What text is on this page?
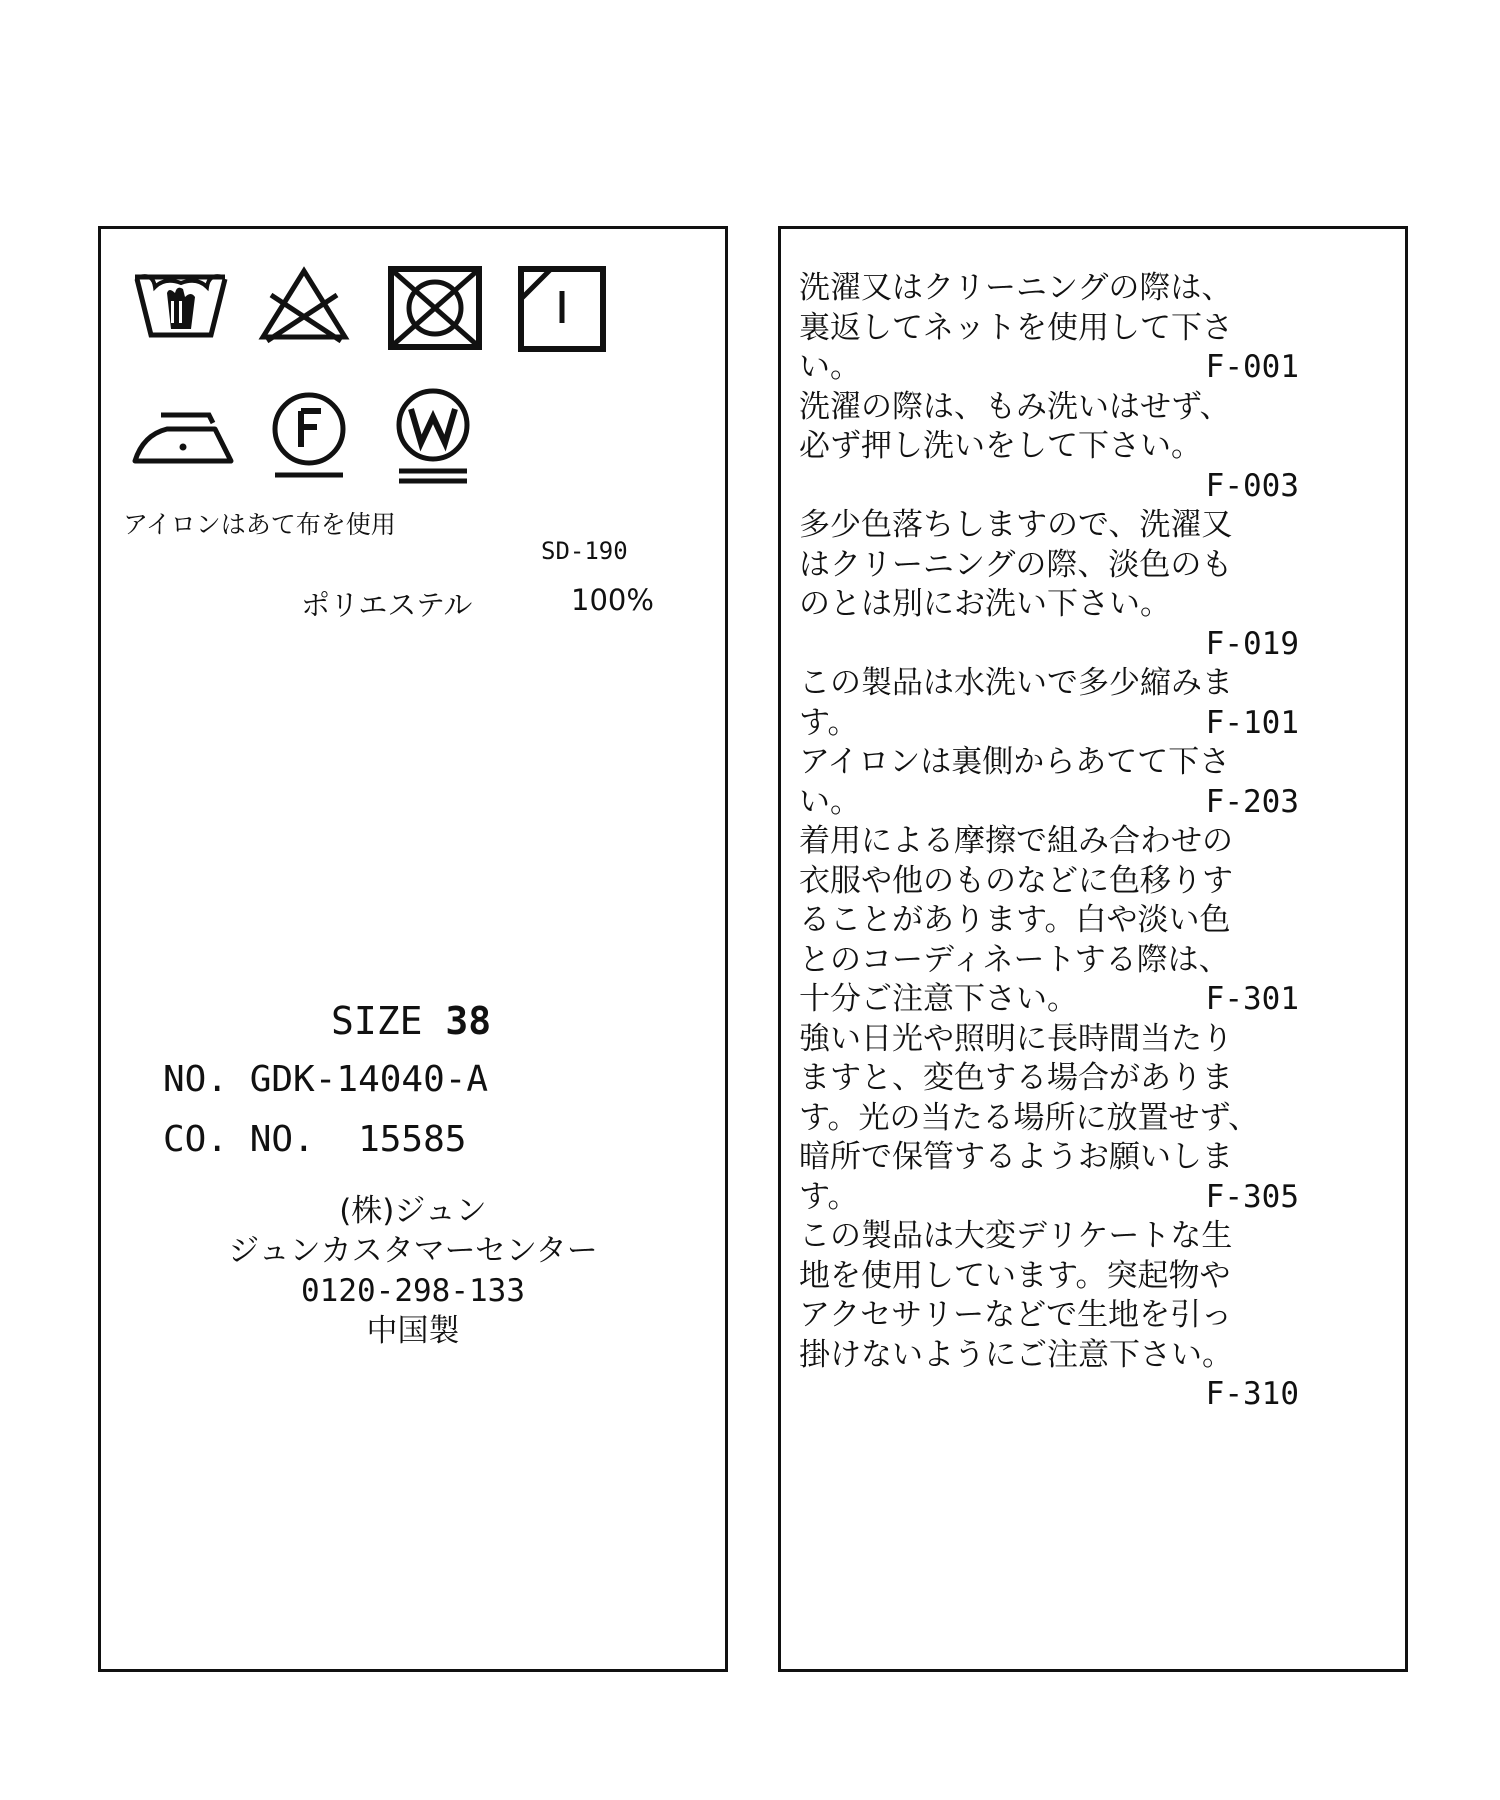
アイロンはあて布を使用
SD-190
ポリエステル	100%
SIZE 38
NO. GDK-14040-A
CO. NO.  15585
(株)ジュン
ジュンカスタマーセンター
0120-298-133
中国製
洗濯又はクリーニングの際は、
裏返してネットを使用して下さ
い。	F-001
洗濯の際は、もみ洗いはせず、
必ず押し洗いをして下さい。
F-003
多少色落ちしますので、洗濯又
はクリーニングの際、淡色のも
のとは別にお洗い下さい。
F-019
この製品は水洗いで多少縮みま
す。	F-101
アイロンは裏側からあてて下さ
い。	F-203
着用による摩擦で組み合わせの
衣服や他のものなどに色移りす
ることがあります。白や淡い色
とのコーディネートする際は、
十分ご注意下さい。	F-301
強い日光や照明に長時間当たり
ますと、変色する場合がありま
す。光の当たる場所に放置せず、
暗所で保管するようお願いしま
す。	F-305
この製品は大変デリケートな生
地を使用しています。突起物や
アクセサリーなどで生地を引っ
掛けないようにご注意下さい。
F-310
